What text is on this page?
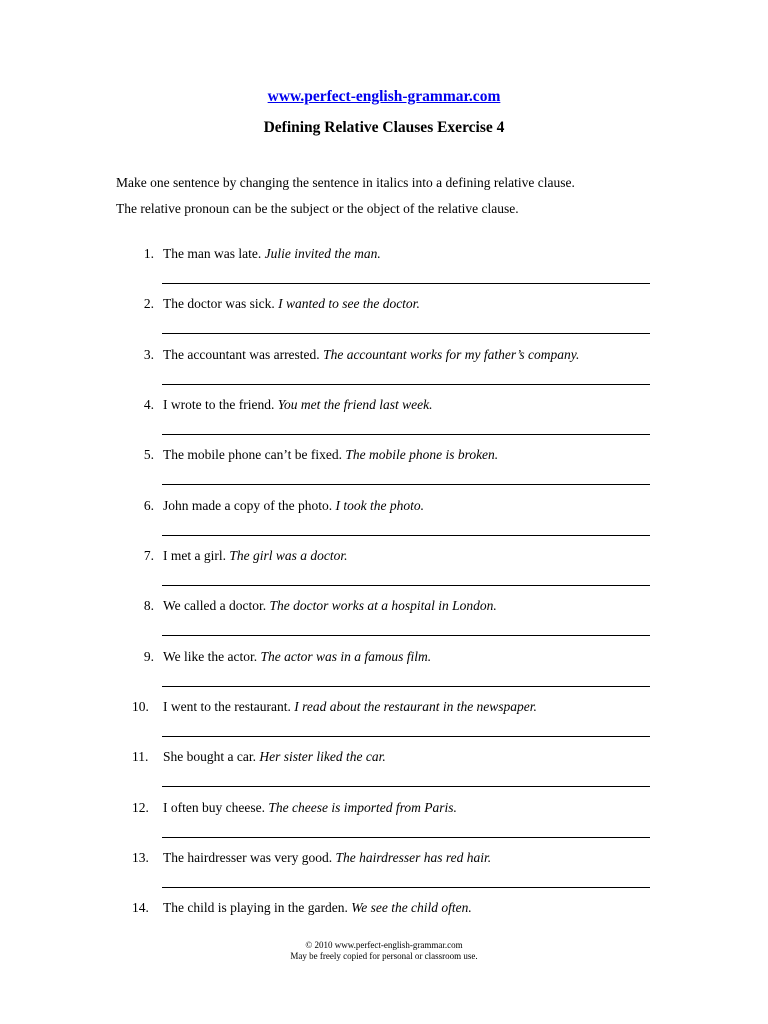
www.perfect-english-grammar.com
Defining Relative Clauses Exercise 4
Make one sentence by changing the sentence in italics into a defining relative clause.
The relative pronoun can be the subject or the object of the relative clause.
1. The man was late. Julie invited the man.
2. The doctor was sick. I wanted to see the doctor.
3. The accountant was arrested. The accountant works for my father’s company.
4. I wrote to the friend. You met the friend last week.
5. The mobile phone can’t be fixed. The mobile phone is broken.
6. John made a copy of the photo. I took the photo.
7. I met a girl. The girl was a doctor.
8. We called a doctor. The doctor works at a hospital in London.
9. We like the actor. The actor was in a famous film.
10.	I went to the restaurant. I read about the restaurant in the newspaper.
11.	She bought a car. Her sister liked the car.
12.	I often buy cheese. The cheese is imported from Paris.
13.	The hairdresser was very good. The hairdresser has red hair.
14.	The child is playing in the garden. We see the child often.
© 2010 www.perfect-english-grammar.com
May be freely copied for personal or classroom use.
